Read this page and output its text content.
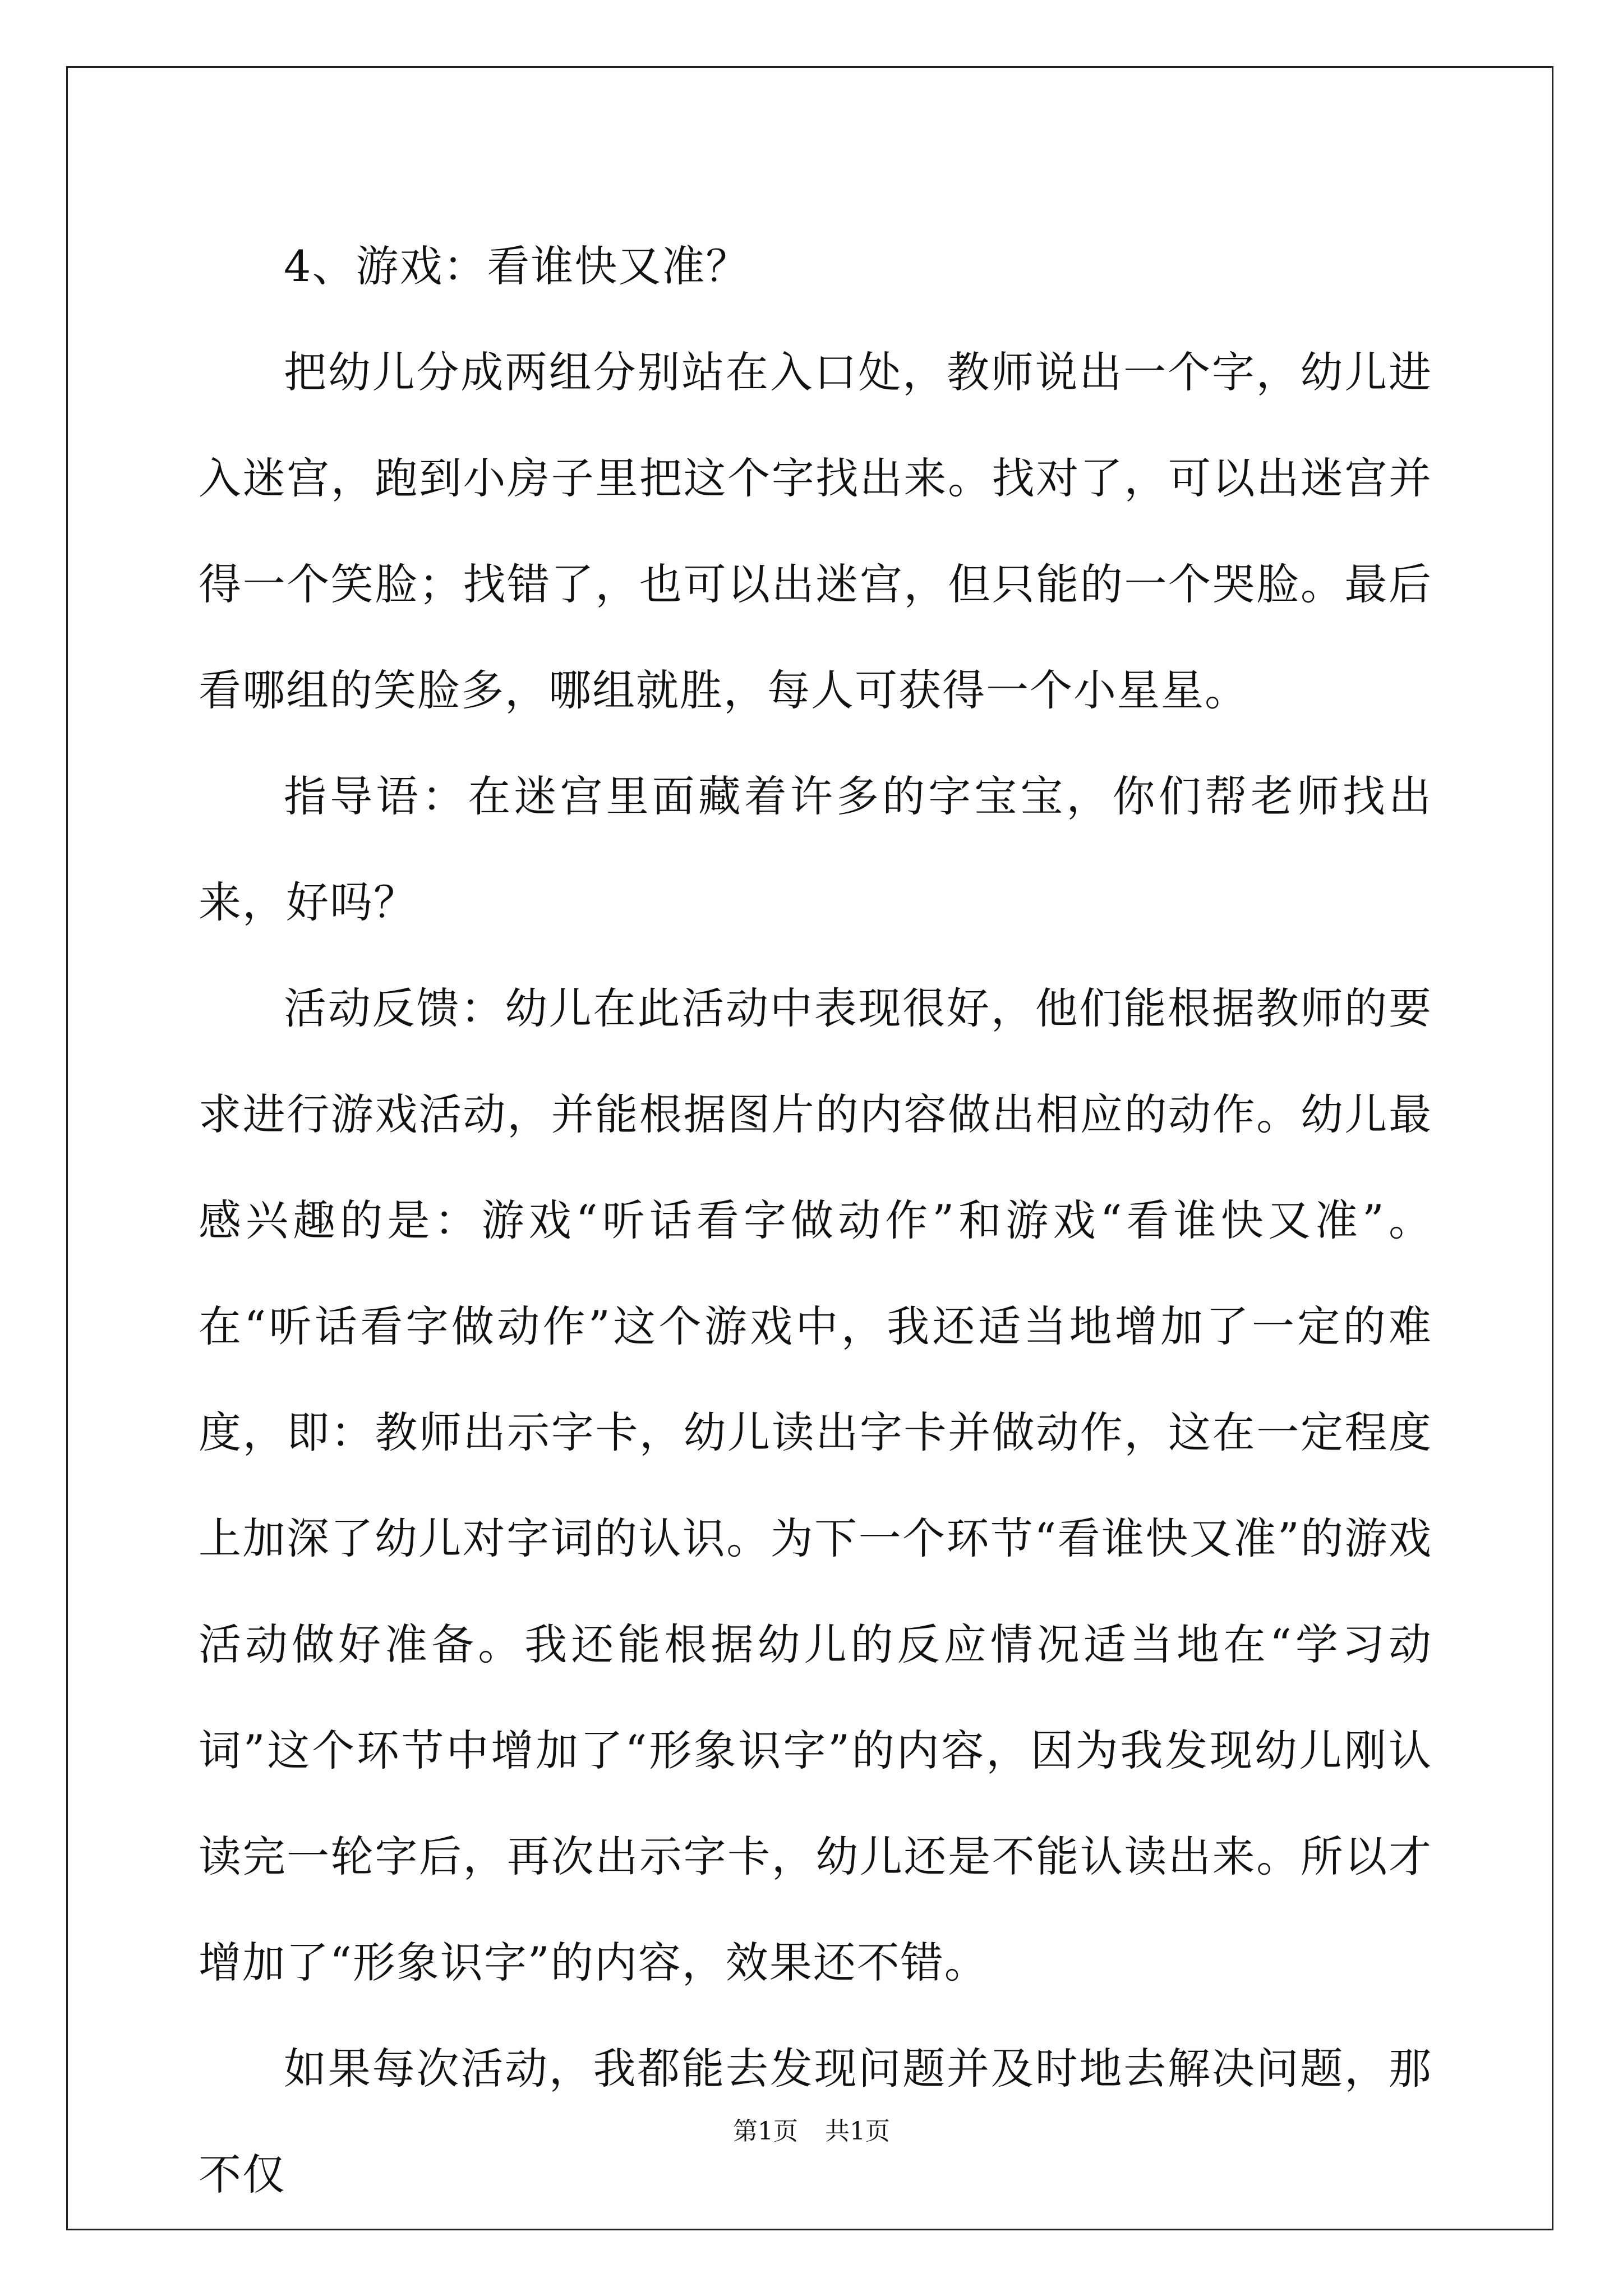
4、游戏：看谁快又准？

把幼儿分成两组分别站在入口处，教师说出一个字，幼儿进入迷宫，跑到小房子里把这个字找出来。找对了，可以出迷宫并得一个笑脸；找错了，也可以出迷宫，但只能的一个哭脸。最后看哪组的笑脸多，哪组就胜，每人可获得一个小星星。

指导语：在迷宫里面藏着许多的字宝宝，你们帮老师找出来，好吗？

活动反馈：幼儿在此活动中表现很好，他们能根据教师的要求进行游戏活动，并能根据图片的内容做出相应的动作。幼儿最感兴趣的是：游戏“听话看字做动作”和游戏“看谁快又准”。在“听话看字做动作”这个游戏中，我还适当地增加了一定的难度，即：教师出示字卡，幼儿读出字卡并做动作，这在一定程度上加深了幼儿对字词的认识。为下一个环节“看谁快又准”的游戏活动做好准备。我还能根据幼儿的反应情况适当地在“学习动词”这个环节中增加了“形象识字”的内容，因为我发现幼儿刚认读完一轮字后，再次出示字卡，幼儿还是不能认读出来。所以才增加了“形象识字”的内容，效果还不错。

如果每次活动，我都能去发现问题并及时地去解决问题，那不仅

第1页 共1页
